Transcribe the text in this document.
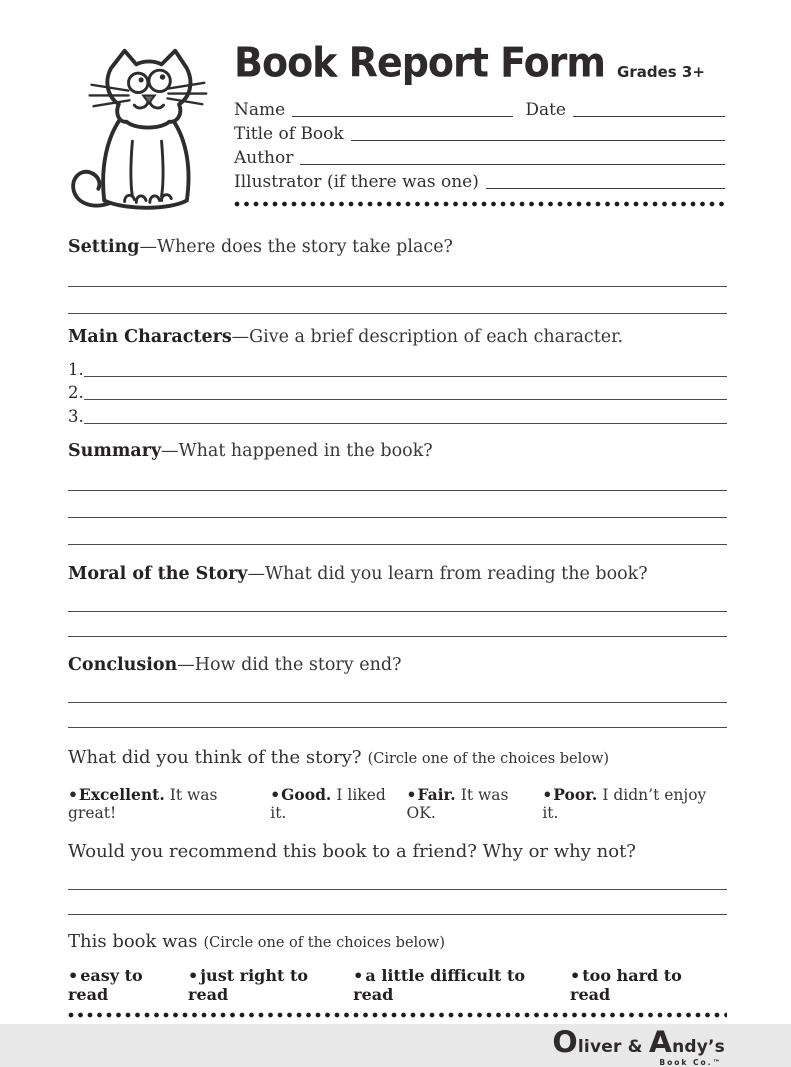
Book Report Form Grades 3+
Name	Date
Title of Book
Author
Illustrator (if there was one)

Setting—Where does the story take place?

Main Characters—Give a brief description of each character.

1.
2.
3.

Summary—What happened in the book?

Moral of the Story—What did you learn from reading the book?

Conclusion—How did the story end?

What did you think of the story? (Circle one of the choices below)

• Excellent. It was great!
• Good. I liked it.
• Fair. It was OK.
• Poor. I didn’t enjoy it.

Would you recommend this book to a friend? Why or why not?

This book was (Circle one of the choices below)

• easy to read
• just right to read
• a little difficult to read
• too hard to read
Oliver & Andy’s
Book Co.™
